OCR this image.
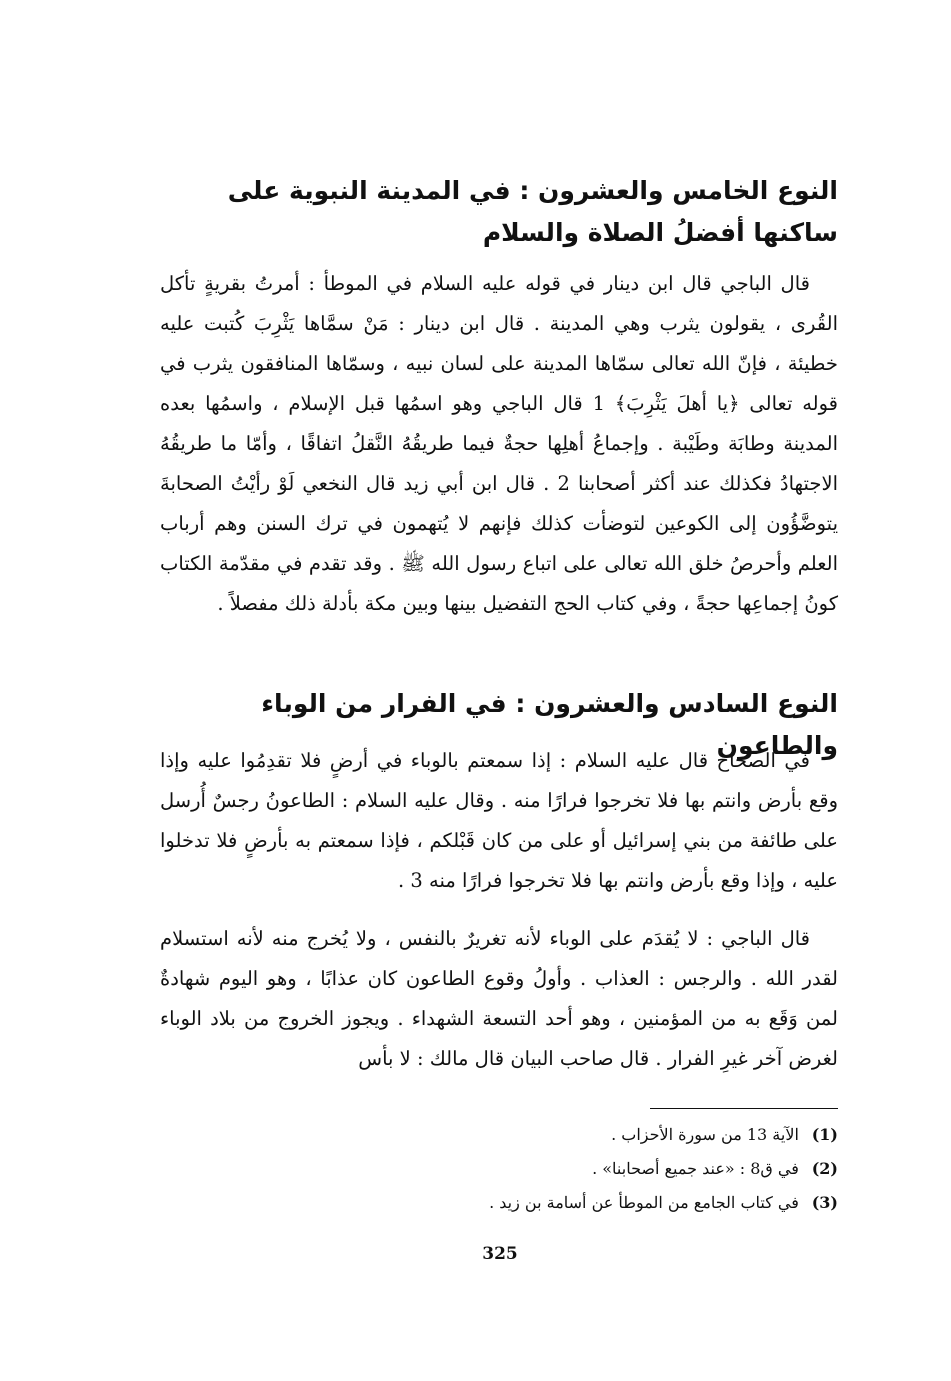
النوع الخامس والعشرون : في المدينة النبوية على ساكنها أفضلُ الصلاة والسلام
قال الباجي قال ابن دينار في قوله عليه السلام في الموطأ : أمرتُ بقريةٍ تأكل القُرى ، يقولون يثرب وهي المدينة . قال ابن دينار : مَنْ سمَّاها يَثْرِبَ كُتبت عليه خطيئة ، فإنّ الله تعالى سمّاها المدينة على لسان نبيه ، وسمّاها المنافقون يثرب في قوله تعالى ﴿يا أهلَ يَثْرِبَ﴾ 1 قال الباجي وهو اسمُها قبل الإسلام ، واسمُها بعده المدينة وطابَة وطَيْبة . وإجماعُ أهلِها حجةٌ فيما طريقُهُ النَّقلُ اتفاقًا ، وأمّا ما طريقُهُ الاجتهادُ فكذلك عند أكثر أصحابنا 2 . قال ابن أبي زيد قال النخعي لَوْ رأيْتُ الصحابةَ يتوضَّؤُون إلى الكوعين لتوضأت كذلك فإنهم لا يُتهمون في ترك السنن وهم أرباب العلم وأحرصُ خلق الله تعالى على اتباع رسول الله ﷺ . وقد تقدم في مقدّمة الكتاب كونُ إجماعِها حجةً ، وفي كتاب الحج التفضيل بينها وبين مكة بأدلة ذلك مفصلاً .
النوع السادس والعشرون : في الفرار من الوباء والطاعون
في الصحاح قال عليه السلام : إذا سمعتم بالوباء في أرضٍ فلا تقدِمُوا عليه وإذا وقع بأرض وانتم بها فلا تخرجوا فرارًا منه . وقال عليه السلام : الطاعونُ رجسٌ أُرسل على طائفة من بني إسرائيل أو على من كان قَبْلكم ، فإذا سمعتم به بأرضٍ فلا تدخلوا عليه ، وإذا وقع بأرض وانتم بها فلا تخرجوا فرارًا منه 3 .
قال الباجي : لا يُقدَم على الوباء لأنه تغريرٌ بالنفس ، ولا يُخرج منه لأنه استسلام لقدر الله . والرجس : العذاب . وأولُ وقوع الطاعون كان عذابًا ، وهو اليوم شهادةٌ لمن وَقَع به من المؤمنين ، وهو أحد التسعة الشهداء . ويجوز الخروج من بلاد الوباء لغرض آخر غيرِ الفرار . قال صاحب البيان قال مالك : لا بأس
(1) الآية 13 من سورة الأحزاب .
(2) في ق8 : «عند جميع أصحابنا» .
(3) في كتاب الجامع من الموطأ عن أسامة بن زيد .
325
